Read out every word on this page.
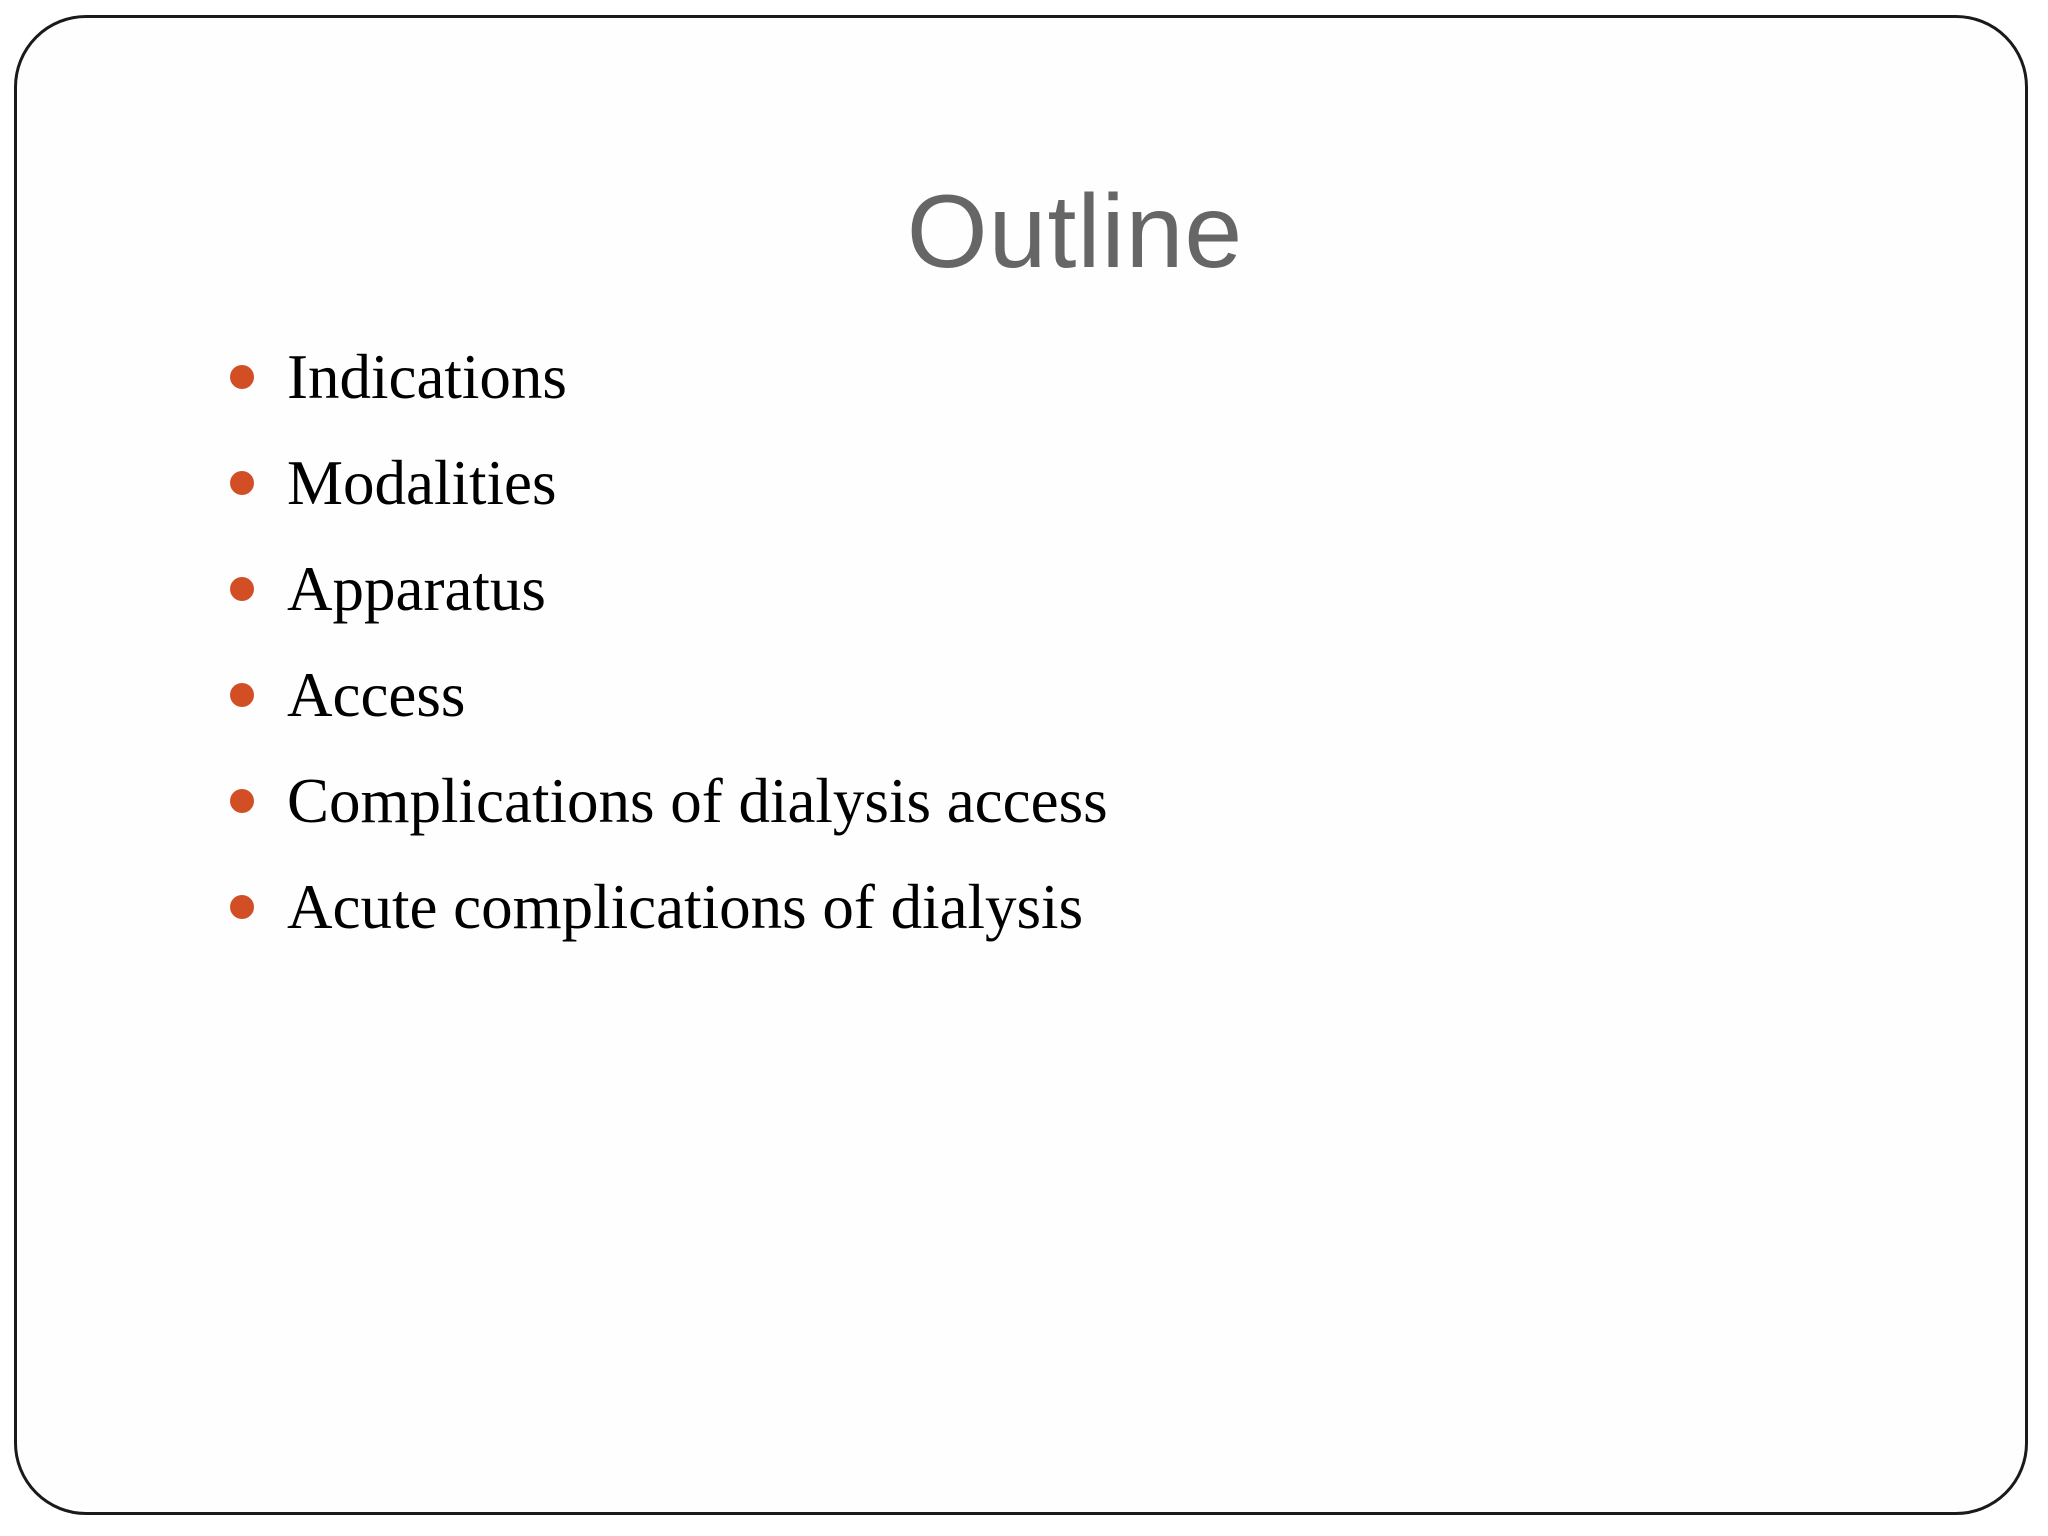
Outline
Indications
Modalities
Apparatus
Access
Complications of dialysis access
Acute complications of dialysis
